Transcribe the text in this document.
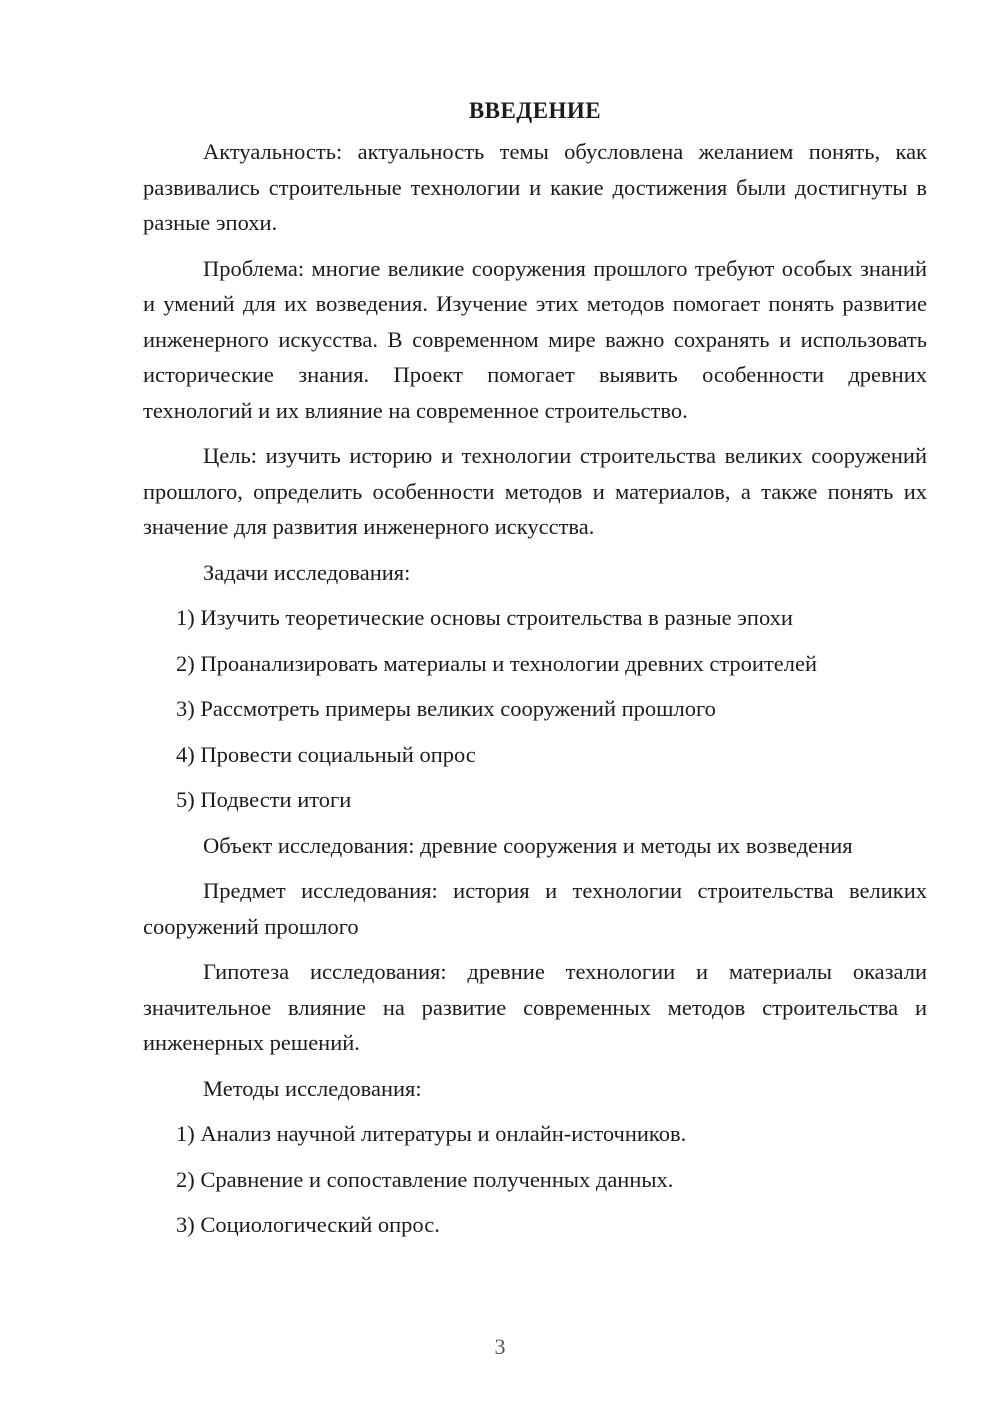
ВВЕДЕНИЕ

Актуальность: актуальность темы обусловлена желанием понять, как развивались строительные технологии и какие достижения были достигнуты в разные эпохи.

Проблема: многие великие сооружения прошлого требуют особых знаний и умений для их возведения. Изучение этих методов помогает понять развитие инженерного искусства. В современном мире важно сохранять и использовать исторические знания. Проект помогает выявить особенности древних технологий и их влияние на современное строительство.

Цель: изучить историю и технологии строительства великих сооружений прошлого, определить особенности методов и материалов, а также понять их значение для развития инженерного искусства.

Задачи исследования:
1) Изучить теоретические основы строительства в разные эпохи
2) Проанализировать материалы и технологии древних строителей
3) Рассмотреть примеры великих сооружений прошлого
4) Провести социальный опрос
5) Подвести итоги

Объект исследования: древние сооружения и методы их возведения

Предмет исследования: история и технологии строительства великих сооружений прошлого

Гипотеза исследования: древние технологии и материалы оказали значительное влияние на развитие современных методов строительства и инженерных решений.

Методы исследования:
1) Анализ научной литературы и онлайн-источников.
2) Сравнение и сопоставление полученных данных.
3) Социологический опрос.
3
